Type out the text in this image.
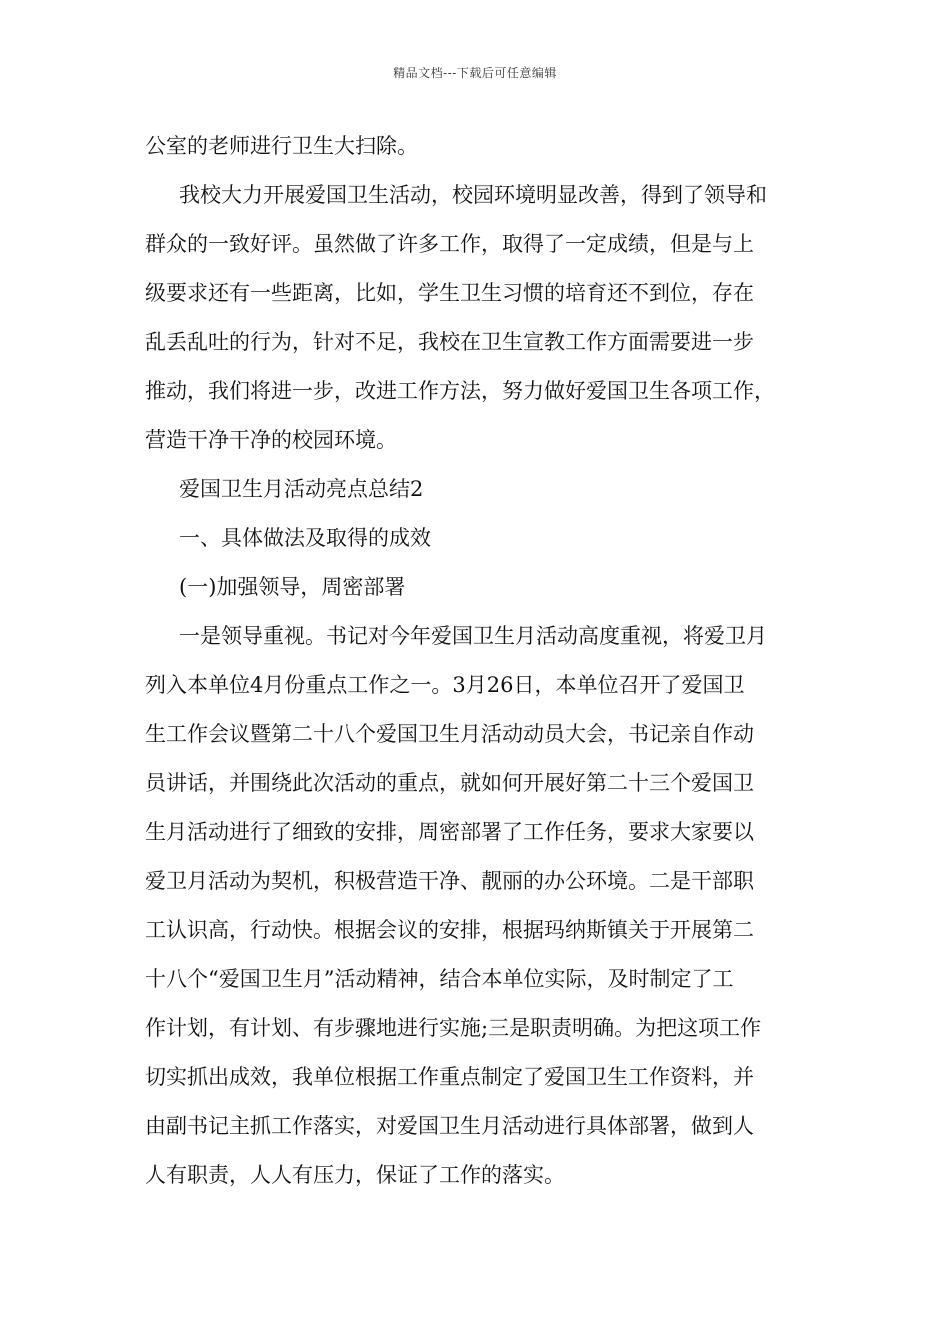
精品文档---下载后可任意编辑
公室的老师进行卫生大扫除。
我校大力开展爱国卫生活动，校园环境明显改善，得到了领导和
群众的一致好评。虽然做了许多工作，取得了一定成绩，但是与上
级要求还有一些距离，比如，学生卫生习惯的培育还不到位，存在
乱丢乱吐的行为，针对不足，我校在卫生宣教工作方面需要进一步
推动，我们将进一步，改进工作方法，努力做好爱国卫生各项工作，
营造干净干净的校园环境。
爱国卫生月活动亮点总结2
一、具体做法及取得的成效
(一)加强领导，周密部署
一是领导重视。书记对今年爱国卫生月活动高度重视，将爱卫月
列入本单位4月份重点工作之一。3月26日，本单位召开了爱国卫
生工作会议暨第二十八个爱国卫生月活动动员大会，书记亲自作动
员讲话，并围绕此次活动的重点，就如何开展好第二十三个爱国卫
生月活动进行了细致的安排，周密部署了工作任务，要求大家要以
爱卫月活动为契机，积极营造干净、靓丽的办公环境。二是干部职
工认识高，行动快。根据会议的安排，根据玛纳斯镇关于开展第二
十八个“爱国卫生月”活动精神，结合本单位实际，及时制定了工
作计划，有计划、有步骤地进行实施;三是职责明确。为把这项工作
切实抓出成效，我单位根据工作重点制定了爱国卫生工作资料，并
由副书记主抓工作落实，对爱国卫生月活动进行具体部署，做到人
人有职责，人人有压力，保证了工作的落实。
